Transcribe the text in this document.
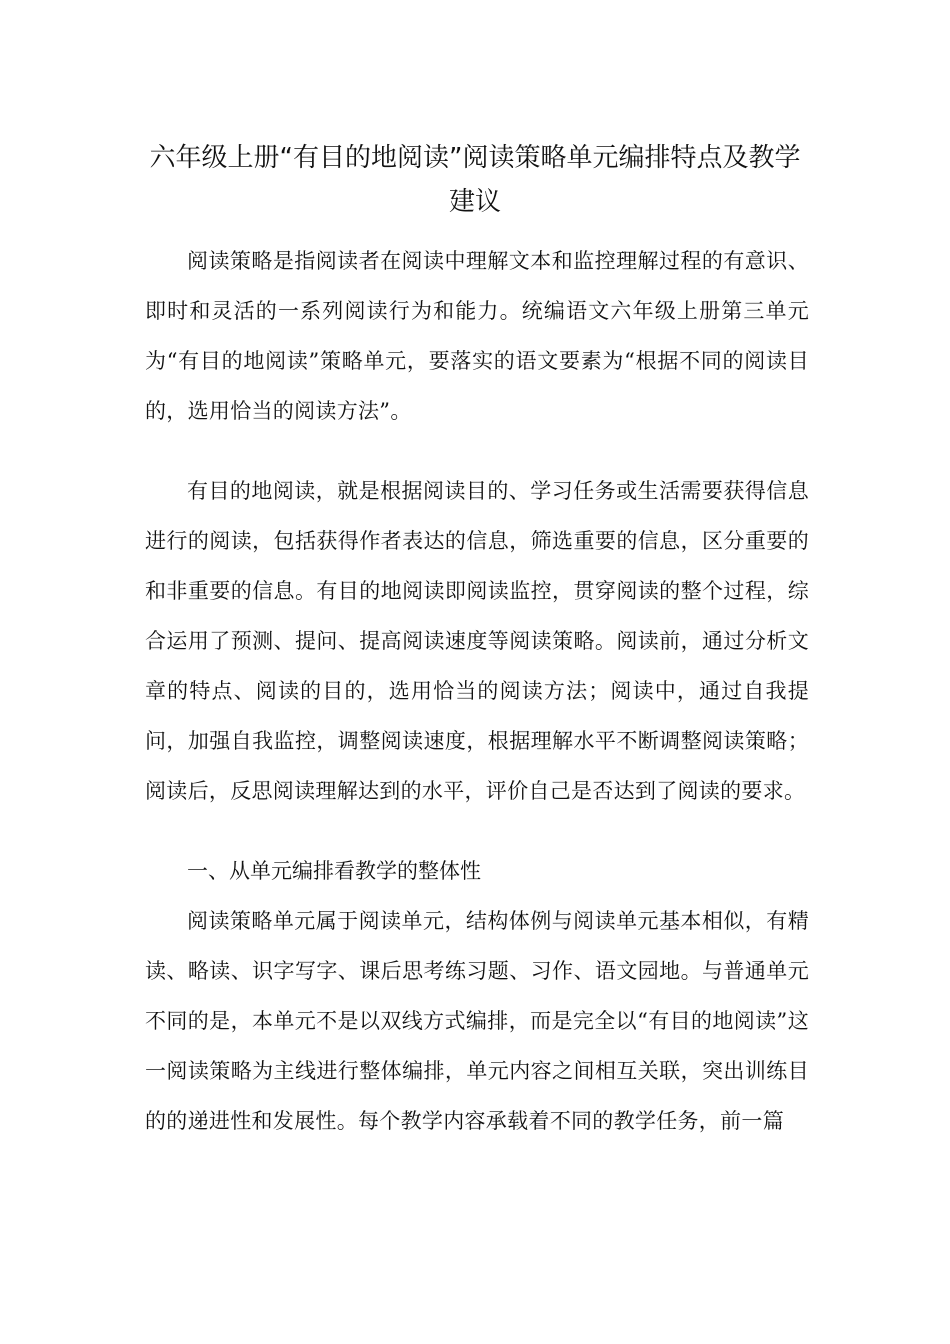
六年级上册“有目的地阅读”阅读策略单元编排特点及教学建议

阅读策略是指阅读者在阅读中理解文本和监控理解过程的有意识、即时和灵活的一系列阅读行为和能力。统编语文六年级上册第三单元为“有目的地阅读”策略单元，要落实的语文要素为“根据不同的阅读目的，选用恰当的阅读方法”。

有目的地阅读，就是根据阅读目的、学习任务或生活需要获得信息进行的阅读，包括获得作者表达的信息，筛选重要的信息，区分重要的和非重要的信息。有目的地阅读即阅读监控，贯穿阅读的整个过程，综合运用了预测、提问、提高阅读速度等阅读策略。阅读前，通过分析文章的特点、阅读的目的，选用恰当的阅读方法；阅读中，通过自我提问，加强自我监控，调整阅读速度，根据理解水平不断调整阅读策略；阅读后，反思阅读理解达到的水平，评价自己是否达到了阅读的要求。

一、从单元编排看教学的整体性

阅读策略单元属于阅读单元，结构体例与阅读单元基本相似，有精读、略读、识字写字、课后思考练习题、习作、语文园地。与普通单元不同的是，本单元不是以双线方式编排，而是完全以“有目的地阅读”这一阅读策略为主线进行整体编排，单元内容之间相互关联，突出训练目的的递进性和发展性。每个教学内容承载着不同的教学任务，前一篇
